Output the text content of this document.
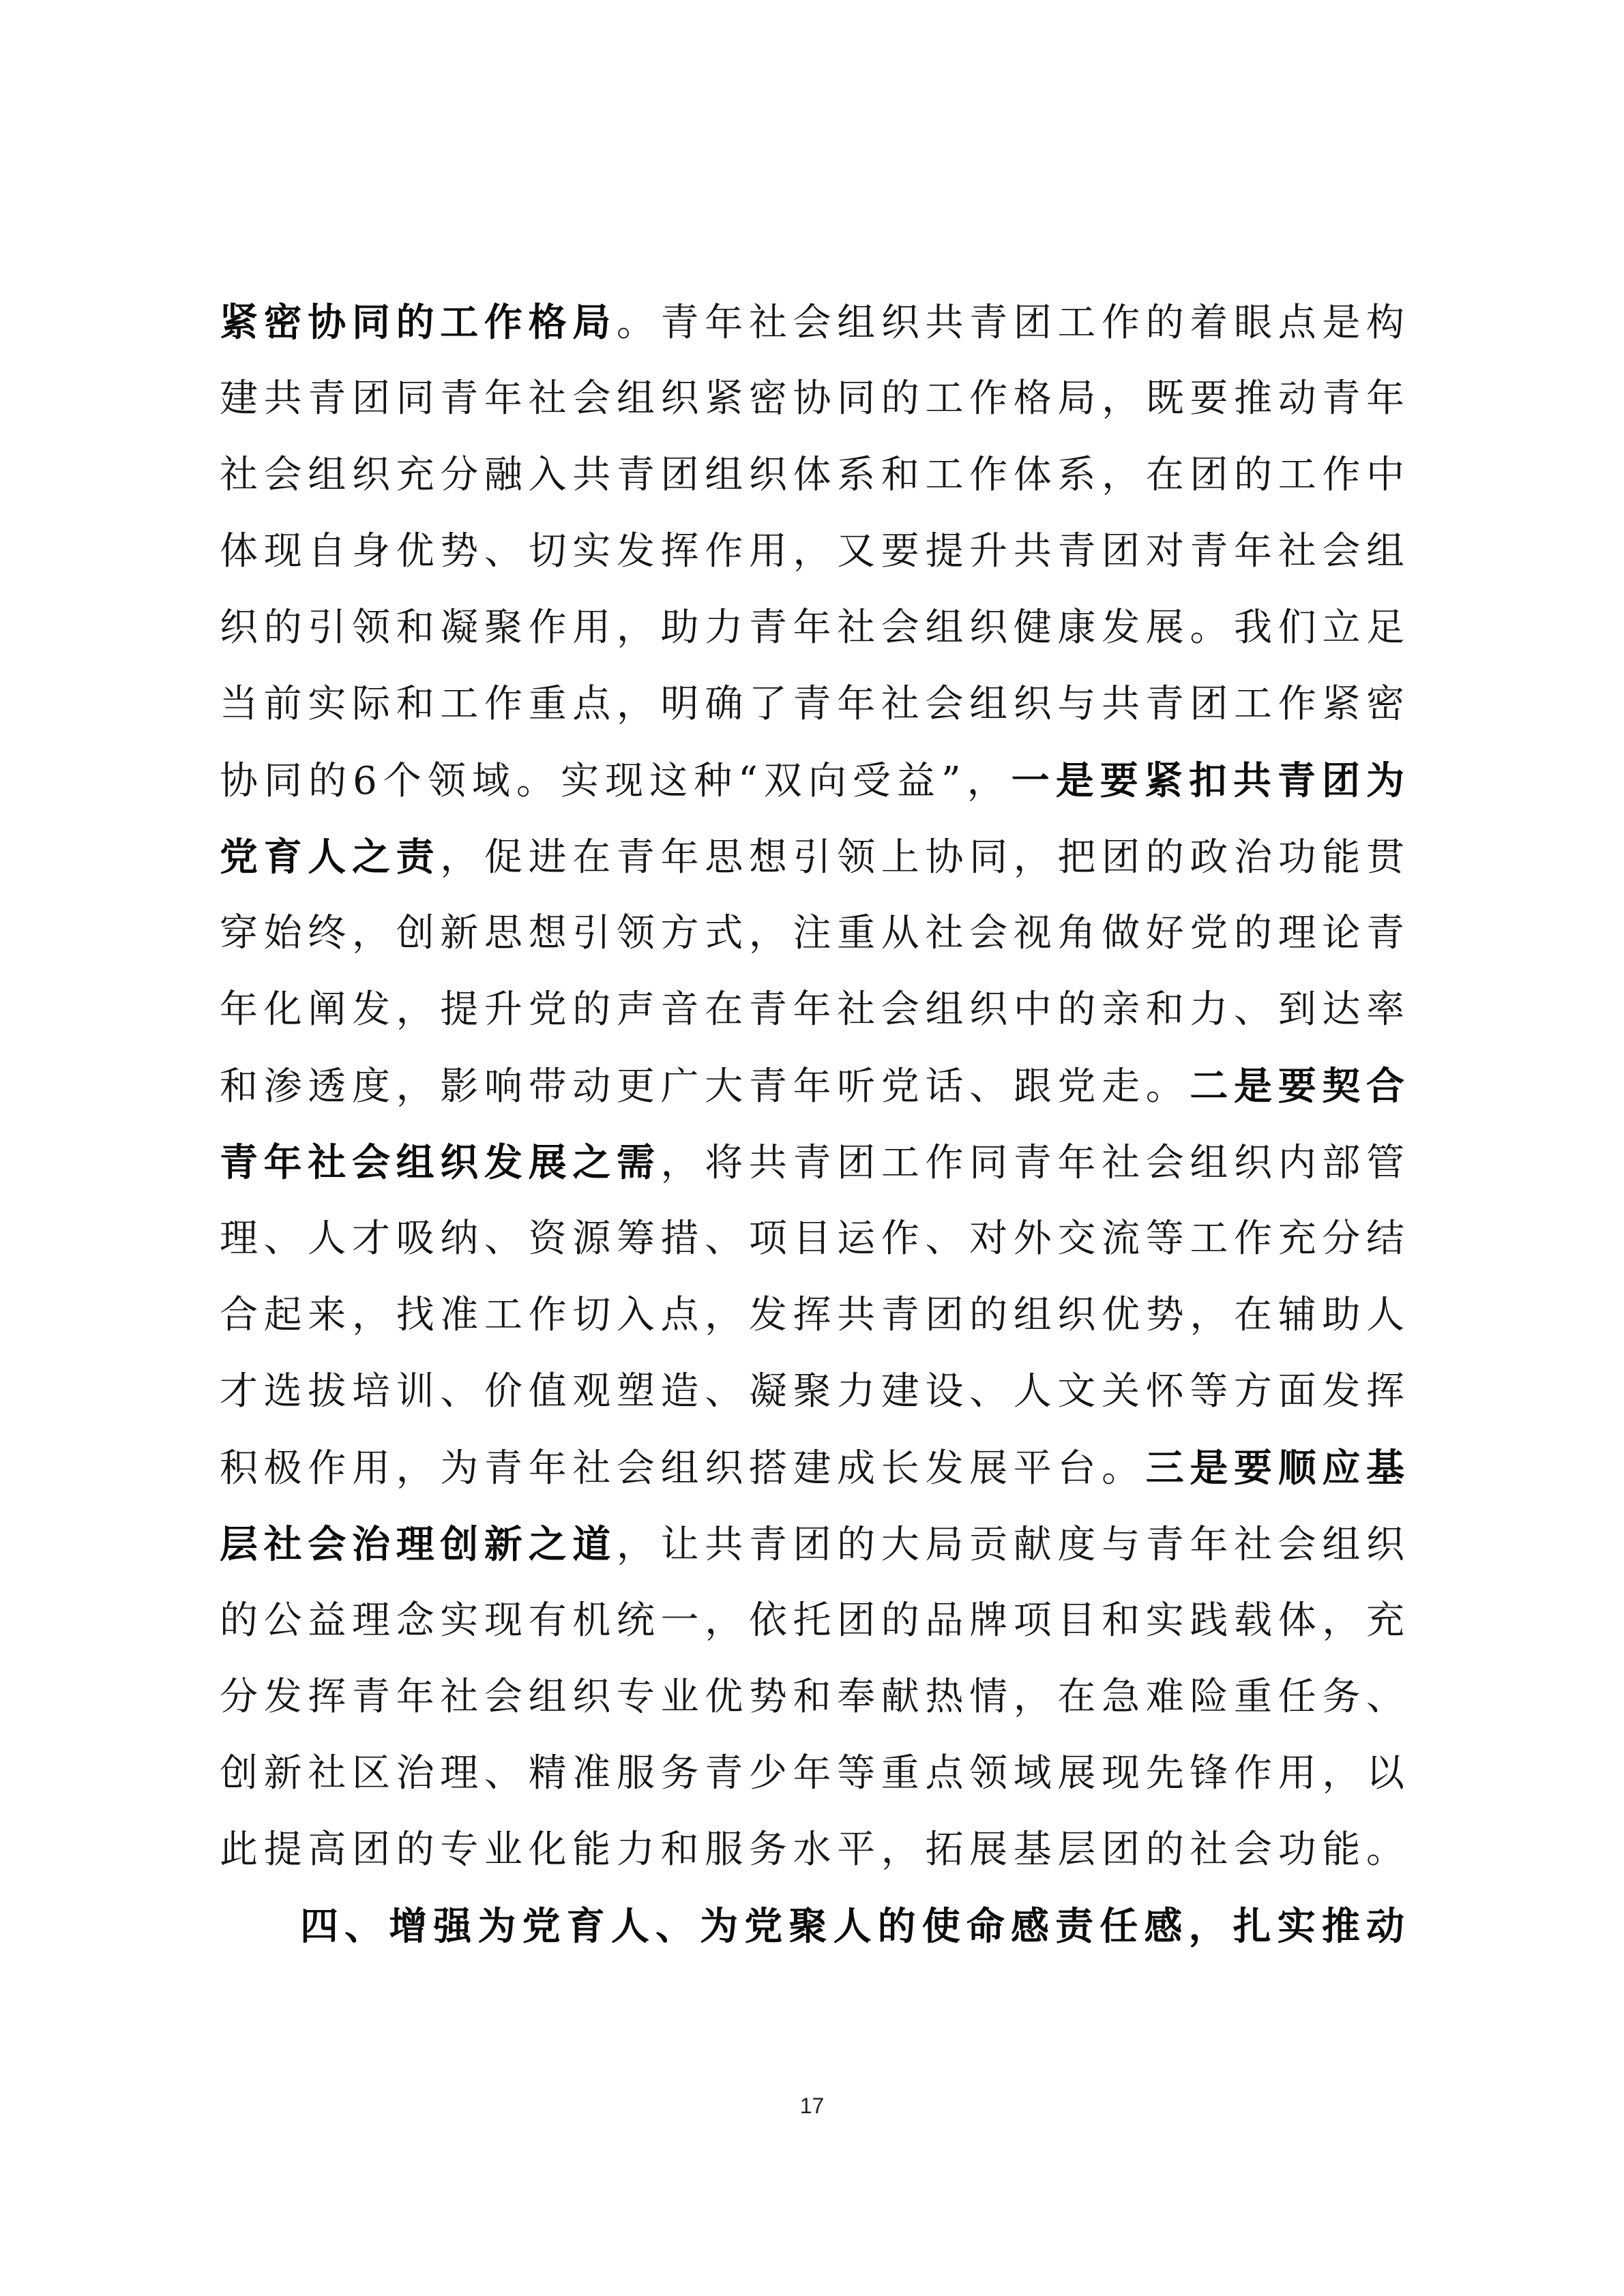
紧密协同的工作格局。青年社会组织共青团工作的着眼点是构
建共青团同青年社会组织紧密协同的工作格局，既要推动青年
社会组织充分融入共青团组织体系和工作体系，在团的工作中
体现自身优势、切实发挥作用，又要提升共青团对青年社会组
织的引领和凝聚作用，助力青年社会组织健康发展。我们立足
当前实际和工作重点，明确了青年社会组织与共青团工作紧密
协同的6个领域。实现这种“双向受益”，一是要紧扣共青团为
党育人之责，促进在青年思想引领上协同，把团的政治功能贯
穿始终，创新思想引领方式，注重从社会视角做好党的理论青
年化阐发，提升党的声音在青年社会组织中的亲和力、到达率
和渗透度，影响带动更广大青年听党话、跟党走。二是要契合
青年社会组织发展之需，将共青团工作同青年社会组织内部管
理、人才吸纳、资源筹措、项目运作、对外交流等工作充分结
合起来，找准工作切入点，发挥共青团的组织优势，在辅助人
才选拔培训、价值观塑造、凝聚力建设、人文关怀等方面发挥
积极作用，为青年社会组织搭建成长发展平台。三是要顺应基
层社会治理创新之道，让共青团的大局贡献度与青年社会组织
的公益理念实现有机统一，依托团的品牌项目和实践载体，充
分发挥青年社会组织专业优势和奉献热情，在急难险重任务、
创新社区治理、精准服务青少年等重点领域展现先锋作用，以
此提高团的专业化能力和服务水平，拓展基层团的社会功能。
四、增强为党育人、为党聚人的使命感责任感，扎实推动
17
